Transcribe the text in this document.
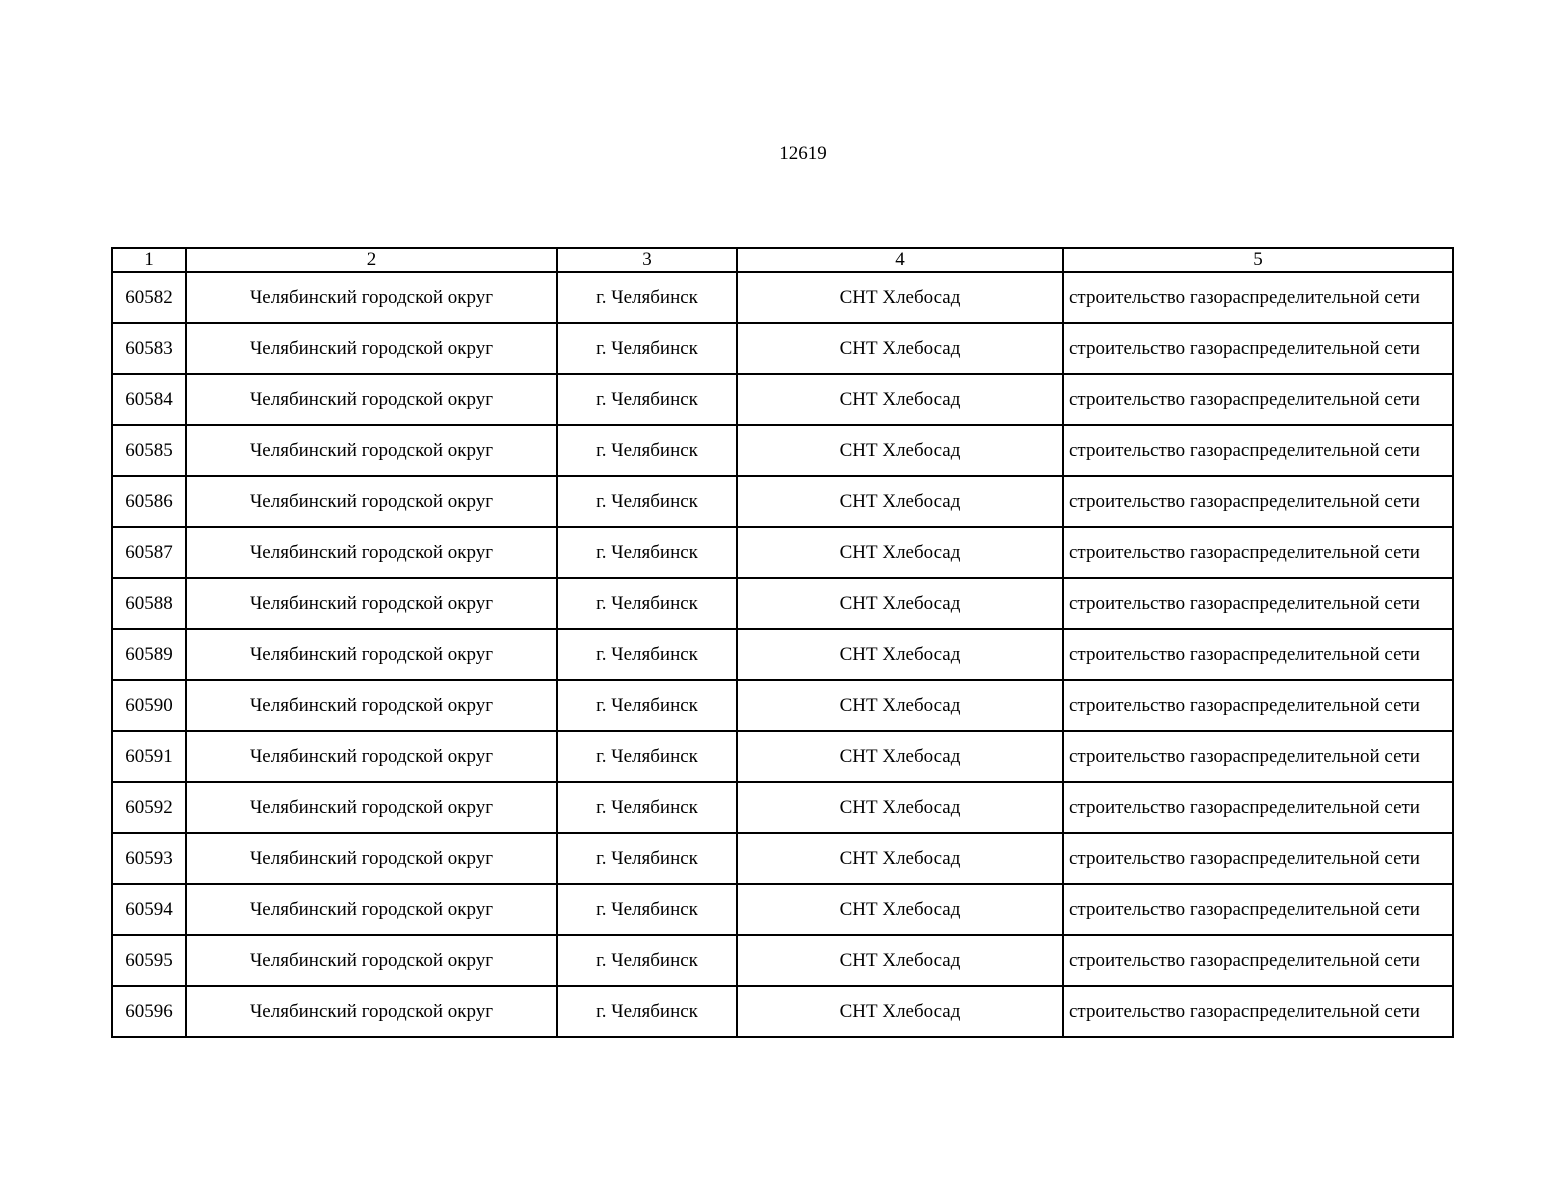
12619
1	2	3	4	5
60582	Челябинский городской округ	г. Челябинск	СНТ Хлебосад	строительство газораспределительной сети
60583	Челябинский городской округ	г. Челябинск	СНТ Хлебосад	строительство газораспределительной сети
60584	Челябинский городской округ	г. Челябинск	СНТ Хлебосад	строительство газораспределительной сети
60585	Челябинский городской округ	г. Челябинск	СНТ Хлебосад	строительство газораспределительной сети
60586	Челябинский городской округ	г. Челябинск	СНТ Хлебосад	строительство газораспределительной сети
60587	Челябинский городской округ	г. Челябинск	СНТ Хлебосад	строительство газораспределительной сети
60588	Челябинский городской округ	г. Челябинск	СНТ Хлебосад	строительство газораспределительной сети
60589	Челябинский городской округ	г. Челябинск	СНТ Хлебосад	строительство газораспределительной сети
60590	Челябинский городской округ	г. Челябинск	СНТ Хлебосад	строительство газораспределительной сети
60591	Челябинский городской округ	г. Челябинск	СНТ Хлебосад	строительство газораспределительной сети
60592	Челябинский городской округ	г. Челябинск	СНТ Хлебосад	строительство газораспределительной сети
60593	Челябинский городской округ	г. Челябинск	СНТ Хлебосад	строительство газораспределительной сети
60594	Челябинский городской округ	г. Челябинск	СНТ Хлебосад	строительство газораспределительной сети
60595	Челябинский городской округ	г. Челябинск	СНТ Хлебосад	строительство газораспределительной сети
60596	Челябинский городской округ	г. Челябинск	СНТ Хлебосад	строительство газораспределительной сети
